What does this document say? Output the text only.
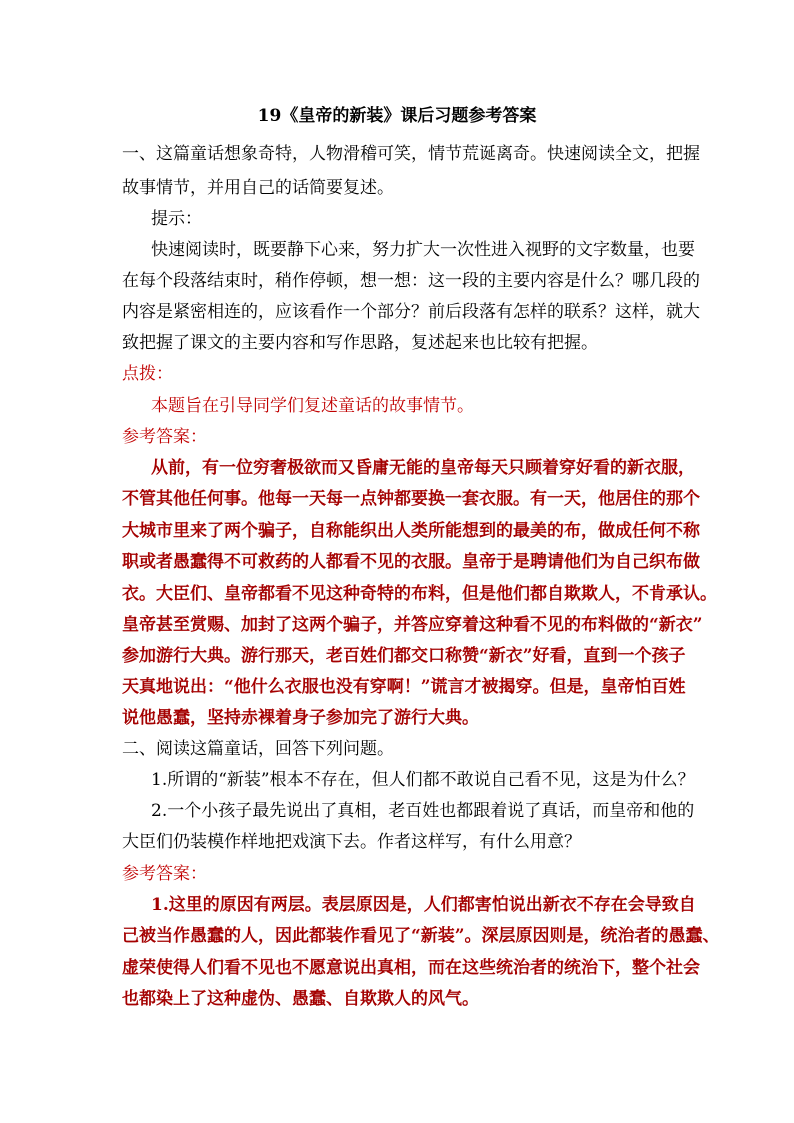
19《皇帝的新装》课后习题参考答案
一、这篇童话想象奇特，人物滑稽可笑，情节荒诞离奇。快速阅读全文，把握
故事情节，并用自己的话简要复述。
提示：
快速阅读时，既要静下心来，努力扩大一次性进入视野的文字数量，也要
在每个段落结束时，稍作停顿，想一想：这一段的主要内容是什么？哪几段的
内容是紧密相连的，应该看作一个部分？前后段落有怎样的联系？这样，就大
致把握了课文的主要内容和写作思路，复述起来也比较有把握。
点拨：
本题旨在引导同学们复述童话的故事情节。
参考答案：
从前，有一位穷奢极欲而又昏庸无能的皇帝每天只顾着穿好看的新衣服，
不管其他任何事。他每一天每一点钟都要换一套衣服。有一天，他居住的那个
大城市里来了两个骗子，自称能织出人类所能想到的最美的布，做成任何不称
职或者愚蠢得不可救药的人都看不见的衣服。皇帝于是聘请他们为自己织布做
衣。大臣们、皇帝都看不见这种奇特的布料，但是他们都自欺欺人，不肯承认。
皇帝甚至赏赐、加封了这两个骗子，并答应穿着这种看不见的布料做的“新衣”
参加游行大典。游行那天，老百姓们都交口称赞“新衣”好看，直到一个孩子
天真地说出：“他什么衣服也没有穿啊！”谎言才被揭穿。但是，皇帝怕百姓
说他愚蠢，坚持赤裸着身子参加完了游行大典。
二、阅读这篇童话，回答下列问题。
1.所谓的“新装”根本不存在，但人们都不敢说自己看不见，这是为什么？
2.一个小孩子最先说出了真相，老百姓也都跟着说了真话，而皇帝和他的
大臣们仍装模作样地把戏演下去。作者这样写，有什么用意？
参考答案：
1.这里的原因有两层。表层原因是，人们都害怕说出新衣不存在会导致自
己被当作愚蠢的人，因此都装作看见了“新装”。深层原因则是，统治者的愚蠢、
虚荣使得人们看不见也不愿意说出真相，而在这些统治者的统治下，整个社会
也都染上了这种虚伪、愚蠢、自欺欺人的风气。
